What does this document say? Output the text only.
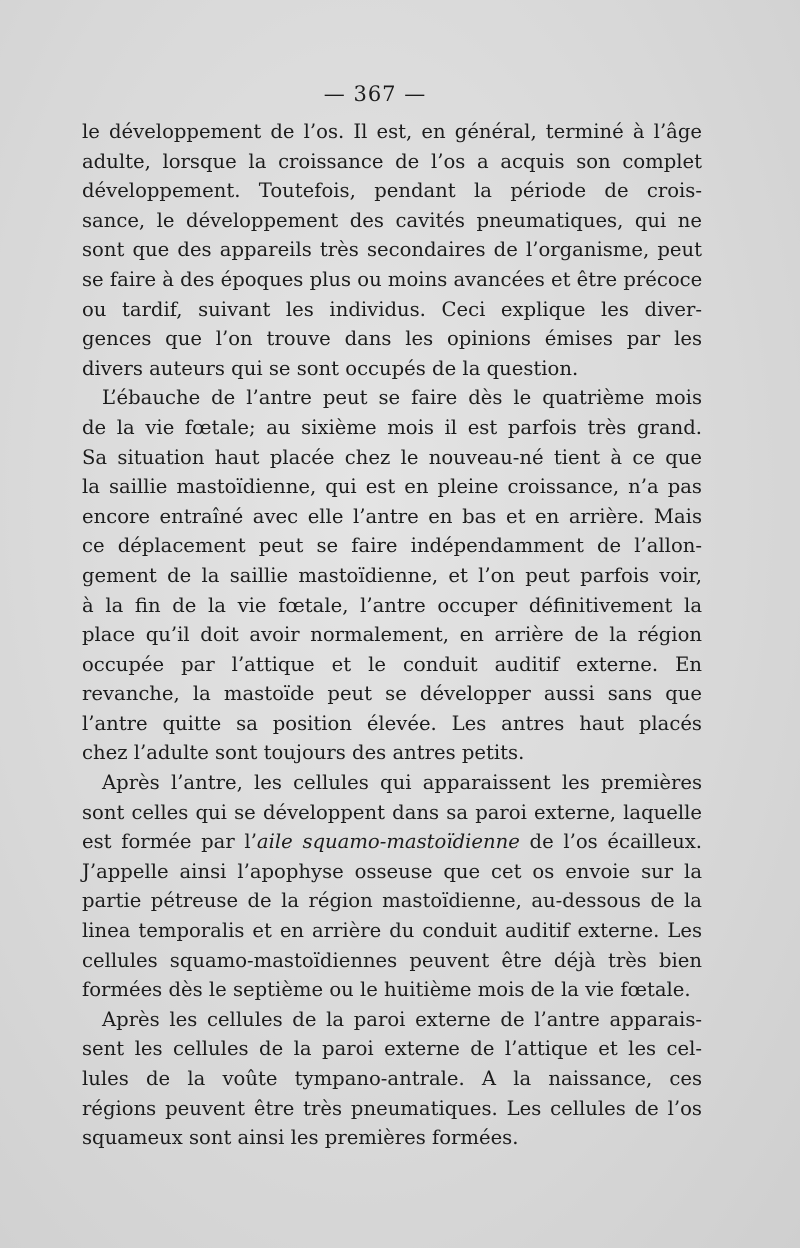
— 367 —

le développement de l’os. Il est, en général, terminé à l’âge
adulte, lorsque la croissance de l’os a acquis son complet
développement. Toutefois, pendant la période de crois-
sance, le développement des cavités pneumatiques, qui ne
sont que des appareils très secondaires de l’organisme, peut
se faire à des époques plus ou moins avancées et être précoce
ou tardif, suivant les individus. Ceci explique les diver-
gences que l’on trouve dans les opinions émises par les
divers auteurs qui se sont occupés de la question.

L’ébauche de l’antre peut se faire dès le quatrième mois
de la vie fœtale; au sixième mois il est parfois très grand.
Sa situation haut placée chez le nouveau-né tient à ce que
la saillie mastoïdienne, qui est en pleine croissance, n’a pas
encore entraîné avec elle l’antre en bas et en arrière. Mais
ce déplacement peut se faire indépendamment de l’allon-
gement de la saillie mastoïdienne, et l’on peut parfois voir,
à la fin de la vie fœtale, l’antre occuper définitivement la
place qu’il doit avoir normalement, en arrière de la région
occupée par l’attique et le conduit auditif externe. En
revanche, la mastoïde peut se développer aussi sans que
l’antre quitte sa position élevée. Les antres haut placés
chez l’adulte sont toujours des antres petits.

Après l’antre, les cellules qui apparaissent les premières
sont celles qui se développent dans sa paroi externe, laquelle
est formée par l’aile squamo-mastoïdienne de l’os écailleux.
J’appelle ainsi l’apophyse osseuse que cet os envoie sur la
partie pétreuse de la région mastoïdienne, au-dessous de la
linea temporalis et en arrière du conduit auditif externe. Les
cellules squamo-mastoïdiennes peuvent être déjà très bien
formées dès le septième ou le huitième mois de la vie fœtale.

Après les cellules de la paroi externe de l’antre apparais-
sent les cellules de la paroi externe de l’attique et les cel-
lules de la voûte tympano-antrale. A la naissance, ces
régions peuvent être très pneumatiques. Les cellules de l’os
squameux sont ainsi les premières formées.
